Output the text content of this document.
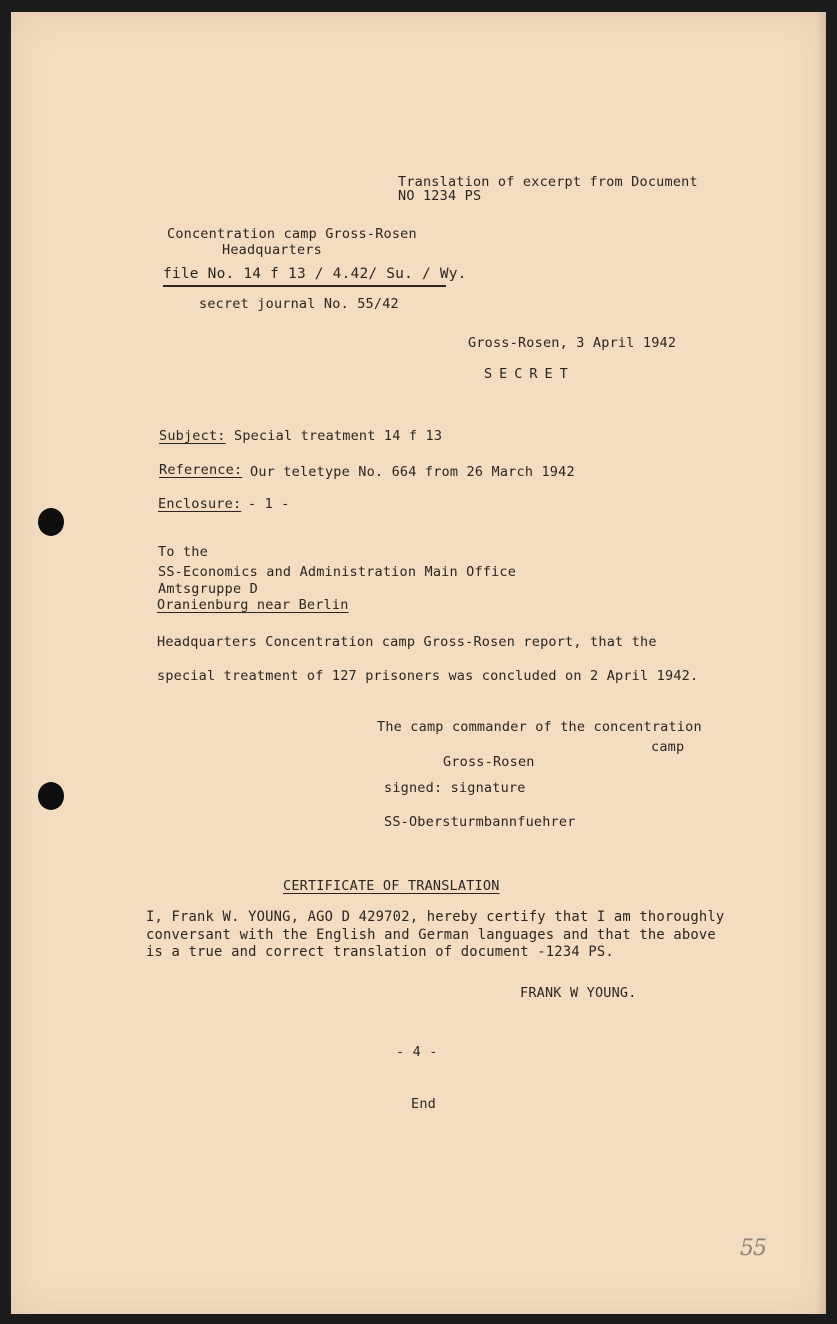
Translation of excerpt from Document
NO 1234 PS
Concentration camp Gross-Rosen
Headquarters
file No. 14 f 13 / 4.42/ Su. / Wy.
secret journal No. 55/42
Gross-Rosen, 3 April 1942
SECRET
Subject: Special treatment 14 f 13
Reference: Our teletype No. 664 from 26 March 1942
Enclosure: - 1 -
To the
SS-Economics and Administration Main Office
Amtsgruppe D
Oranienburg near Berlin
Headquarters Concentration camp Gross-Rosen report, that the
special treatment of 127 prisoners was concluded on 2 April 1942.
The camp commander of the concentration
camp
Gross-Rosen
signed: signature
SS-Obersturmbannfuehrer
CERTIFICATE OF TRANSLATION
I, Frank W. YOUNG, AGO D 429702, hereby certify that I am thoroughly
conversant with the English and German languages and that the above
is a true and correct translation of document -1234 PS.
FRANK W YOUNG.
- 4 -
End
55
